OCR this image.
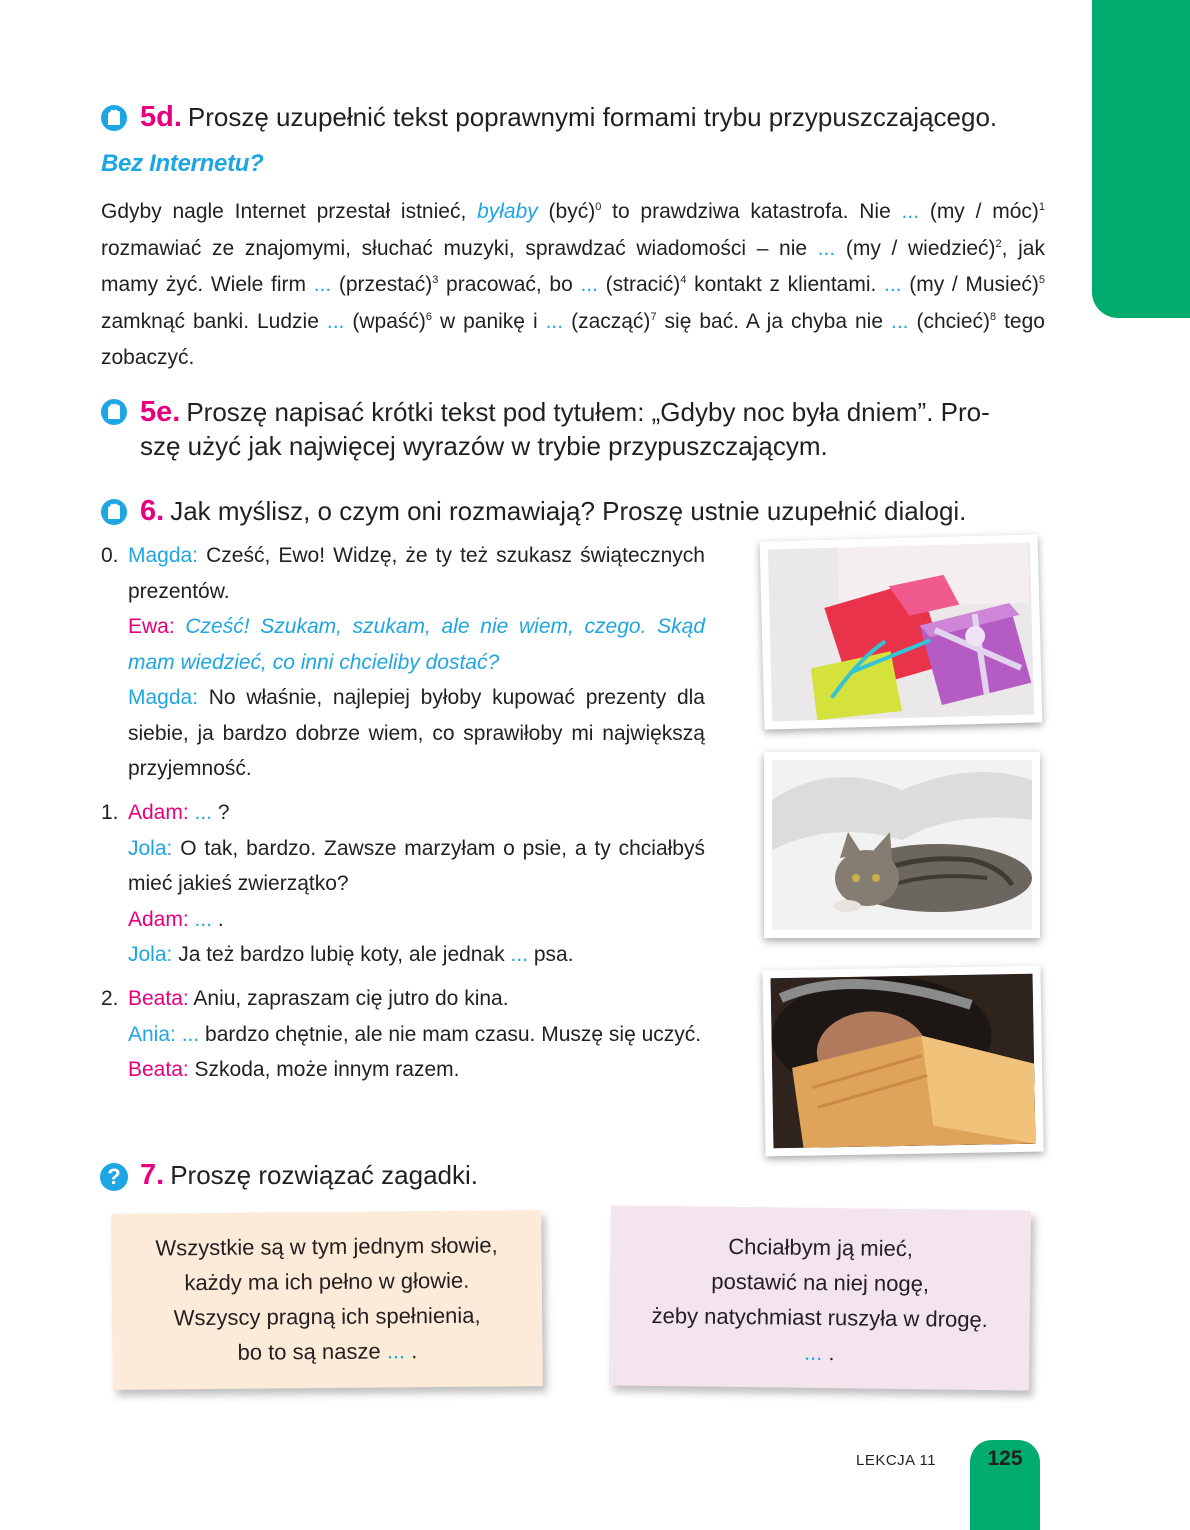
5d. Proszę uzupełnić tekst poprawnymi formami trybu przypuszczającego.
Bez Internetu?

Gdyby nagle Internet przestał istnieć, byłaby (być)$^0$ to prawdziwa katastrofa. Nie ... (my / móc)$^1$ rozmawiać ze znajomymi, słuchać muzyki, sprawdzać wiadomości – nie ... (my / wiedzieć)$^2$, jak mamy żyć. Wiele firm ... (przestać)$^3$ pracować, bo ... (stracić)$^4$ kontakt z klientami. ... (my / Musieć)$^5$ zamknąć banki. Ludzie ... (wpaść)$^6$ w panikę i ... (zacząć)$^7$ się bać. A ja chyba nie ... (chcieć)$^8$ tego zobaczyć.

5e. Proszę napisać krótki tekst pod tytułem: „Gdyby noc była dniem”. Pro-
szę użyć jak najwięcej wyrazów w trybie przypuszczającym.
6. Jak myślisz, o czym oni rozmawiają? Proszę ustnie uzupełnić dialogi.
0. Magda: Cześć, Ewo! Widzę, że ty też szukasz świątecznych prezentów.
Ewa: Cześć! Szukam, szukam, ale nie wiem, czego. Skąd mam wiedzieć, co inni chcieliby dostać?
Magda: No właśnie, najlepiej byłoby kupować prezenty dla siebie, ja bardzo dobrze wiem, co sprawiłoby mi największą przyjemność.
1. Adam: ... ?
Jola: O tak, bardzo. Zawsze marzyłam o psie, a ty chciałbyś mieć jakieś zwierzątko?
Adam: ... .
Jola: Ja też bardzo lubię koty, ale jednak ... psa.
2. Beata: Aniu, zapraszam cię jutro do kina.
Ania: ... bardzo chętnie, ale nie mam czasu. Muszę się uczyć.
Beata: Szkoda, może innym razem.
? 7. Proszę rozwiązać zagadki.
Wszystkie są w tym jednym słowie,
każdy ma ich pełno w głowie.
Wszyscy pragną ich spełnienia,
bo to są nasze ... .
Chciałbym ją mieć,
postawić na niej nogę,
żeby natychmiast ruszyła w drogę.
... .
LEKCJA 11	125
